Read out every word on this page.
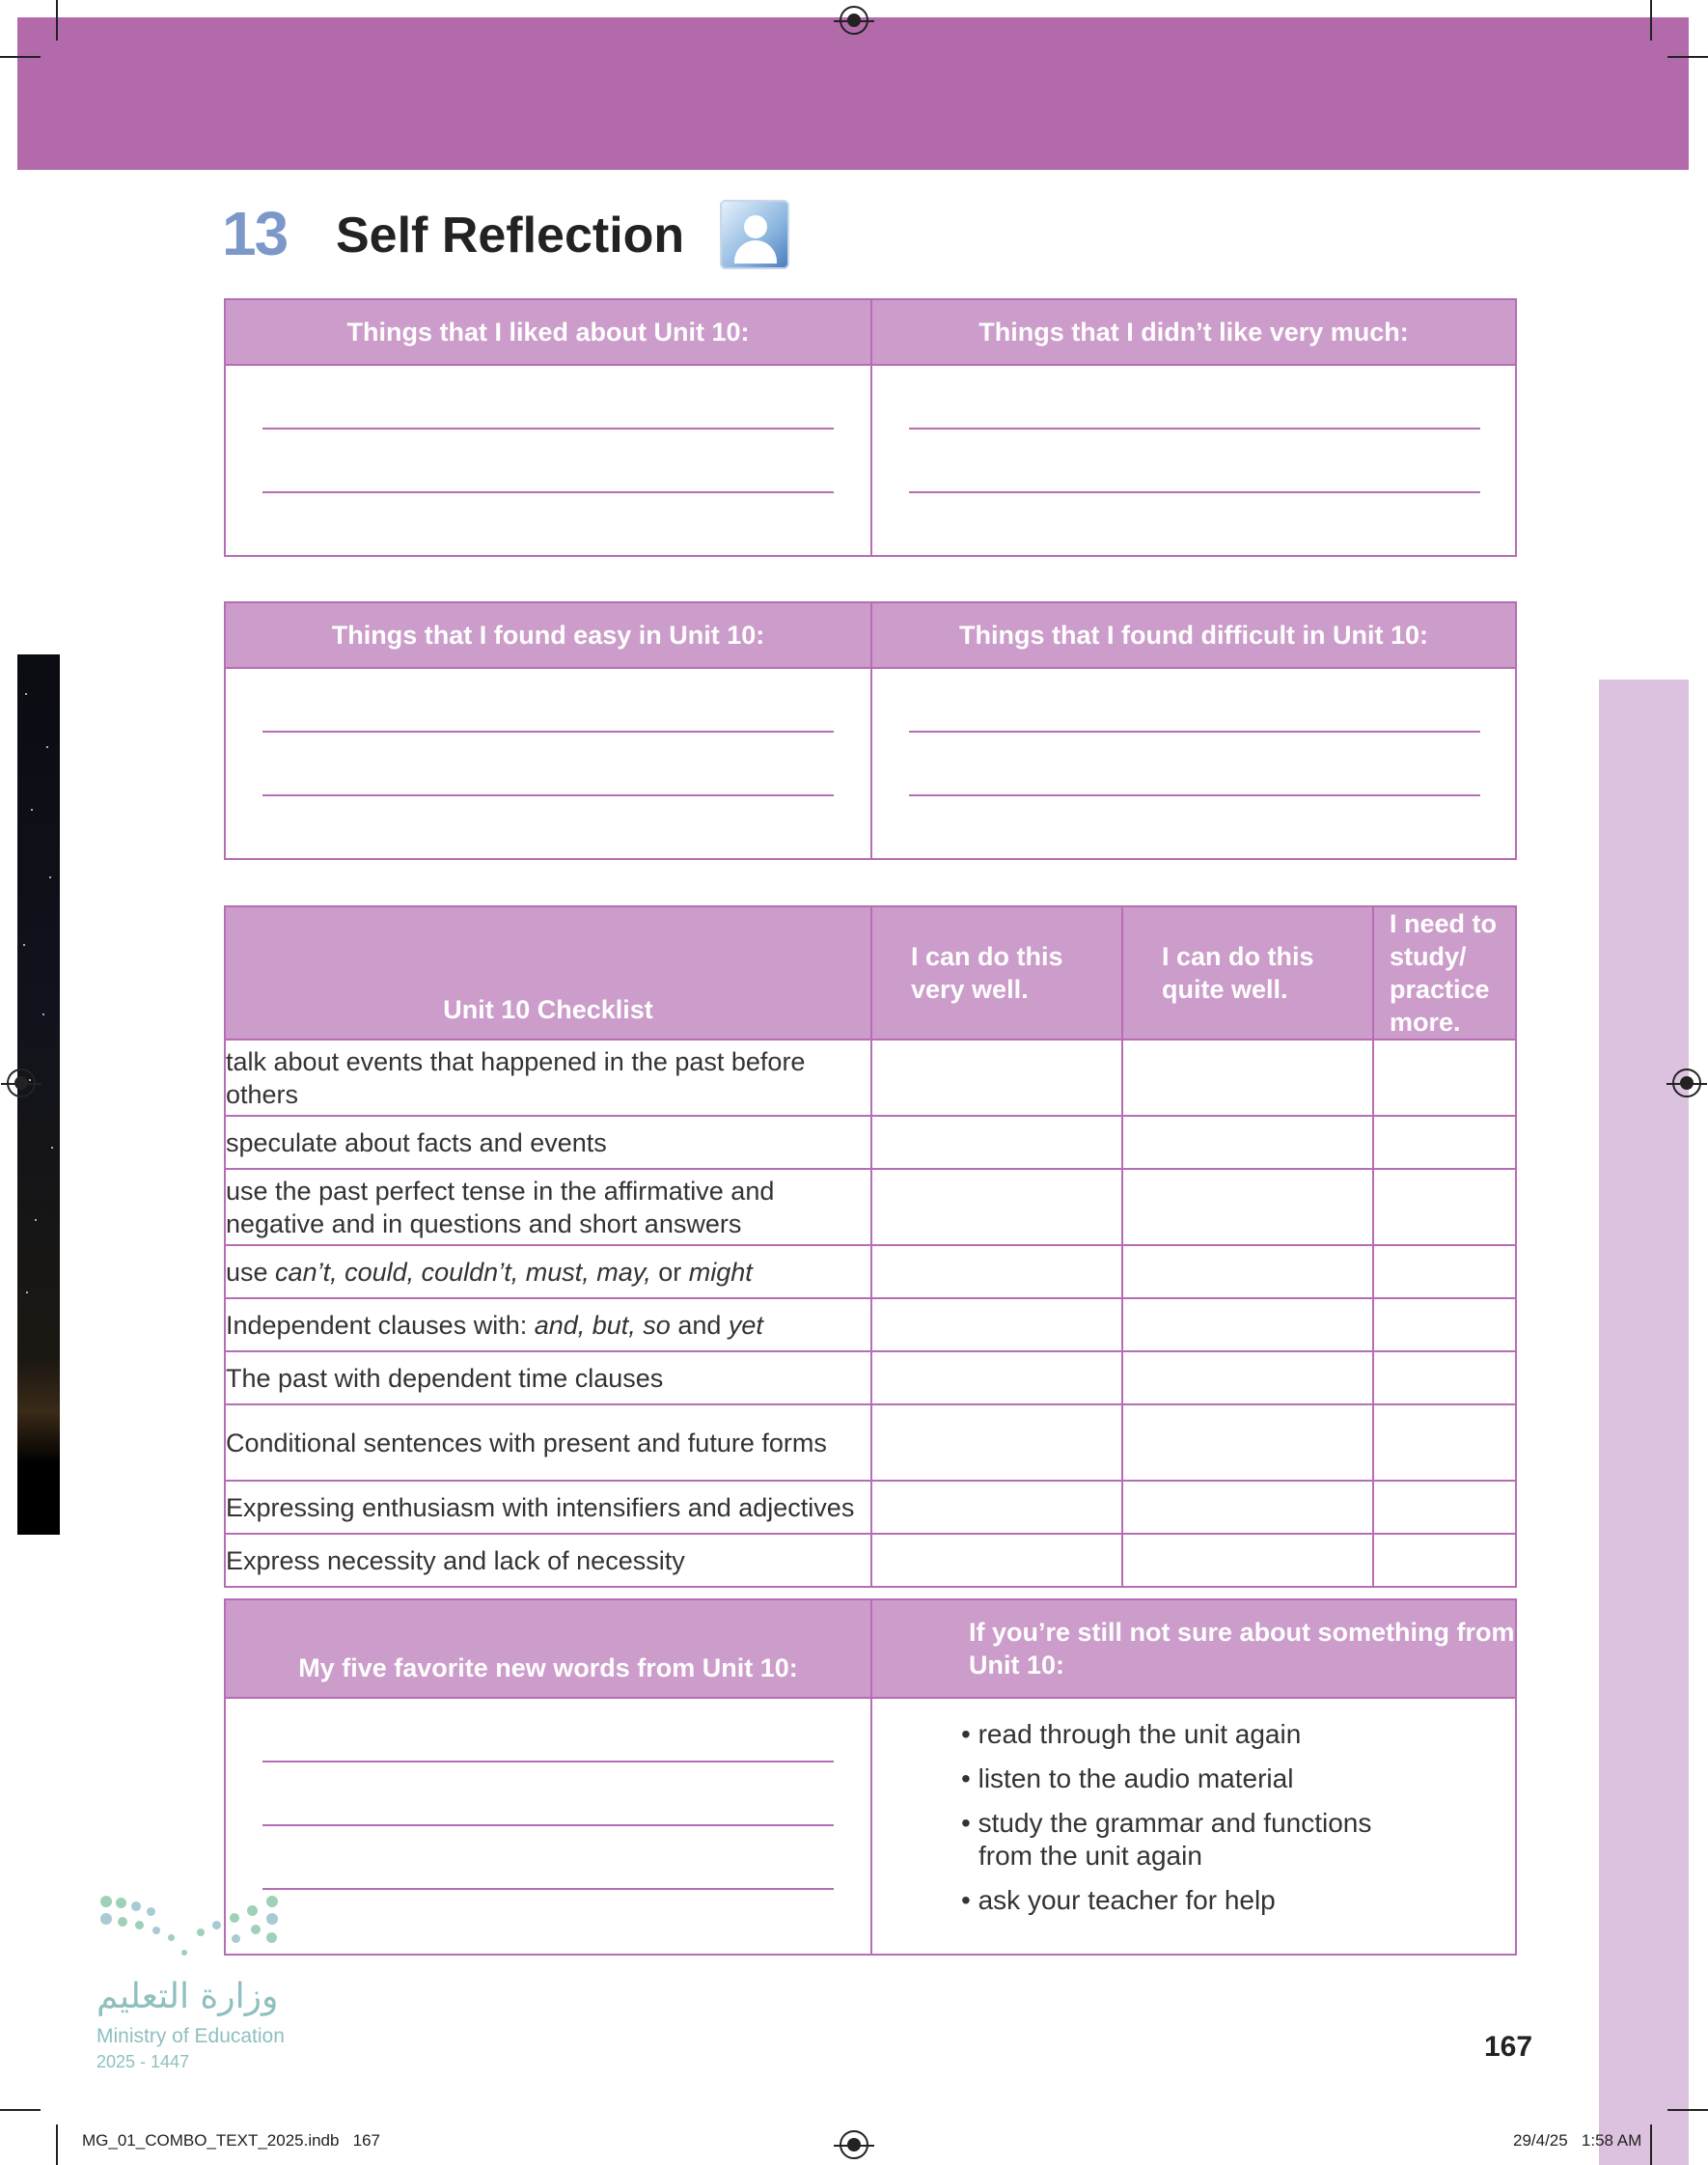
13 Self Reflection
Things that I liked about Unit 10:	Things that I didn’t like very much:

Things that I found easy in Unit 10:	Things that I found difficult in Unit 10:

Unit 10 Checklist	I can do this very well.	I can do this quite well.	I need to study/ practice more.
talk about events that happened in the past before others			
speculate about facts and events			
use the past perfect tense in the affirmative and negative and in questions and short answers			
use can’t, could, couldn’t, must, may, or might			
Independent clauses with: and, but, so and yet			
The past with dependent time clauses			
Conditional sentences with present and future forms			
Expressing enthusiasm with intensifiers and adjectives			
Express necessity and lack of necessity			
My five favorite new words from Unit 10:	If you’re still not sure about something from Unit 10:

	• read through the unit again
• listen to the audio material
• study the grammar and functions from the unit again
• ask your teacher for help
وزارة التعليم
Ministry of Education
2025 - 1447	167
MG_01_COMBO_TEXT_2025.indb   167	29/4/25   1:58 AM
